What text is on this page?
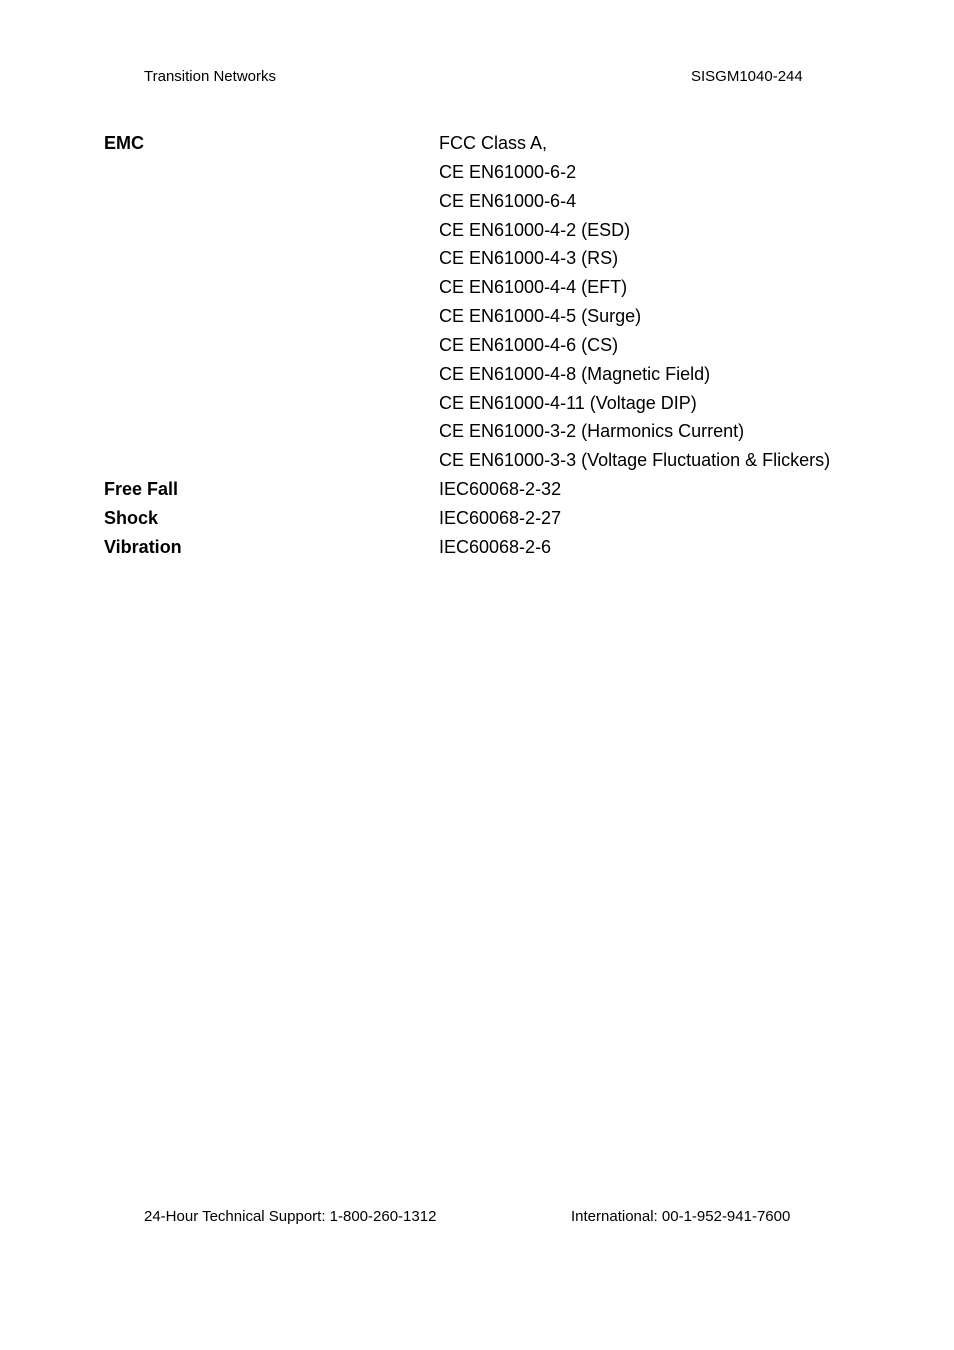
Transition Networks	SISGM1040-244
EMC	FCC Class A,
CE EN61000-6-2
CE EN61000-6-4
CE EN61000-4-2 (ESD)
CE EN61000-4-3 (RS)
CE EN61000-4-4 (EFT)
CE EN61000-4-5 (Surge)
CE EN61000-4-6 (CS)
CE EN61000-4-8 (Magnetic Field)
CE EN61000-4-11 (Voltage DIP)
CE EN61000-3-2 (Harmonics Current)
CE EN61000-3-3 (Voltage Fluctuation & Flickers)
Free Fall	IEC60068-2-32
Shock	IEC60068-2-27
Vibration	IEC60068-2-6
24-Hour Technical Support: 1-800-260-1312	International: 00-1-952-941-7600
